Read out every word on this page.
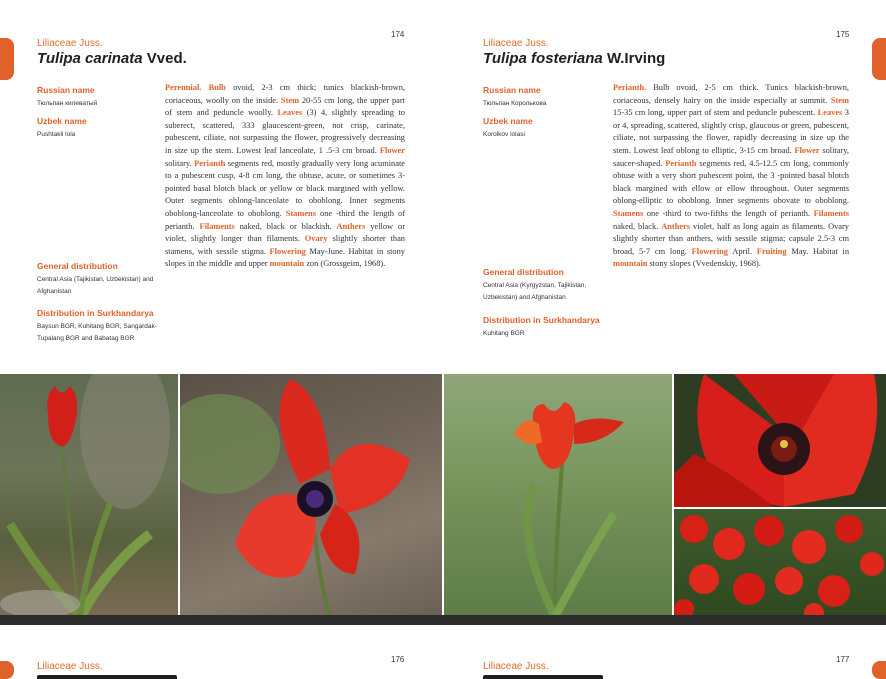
174
Liliaceae Juss.
Tulipa carinata Vved.
Russian name
Тюльпан килеватый
Uzbek name
Pushtakli lola
General distribution
Central Asia (Tajikistan, Uzbekistan) and Afghanistan
Distribution in Surkhandarya
Baysun BGR, Kuhitang BGR, Sangardak-Tupalang BGR and Babatag BGR
Perennial. Bulb ovoid, 2-3 cm thick; tunics blackish-brown, coriaceous, woolly on the inside. Stem 20-55 cm long, the upper part of stem and peduncle woolly. Leaves (3) 4, slightly spreading to suberect, scattered, 333 glaucescent-green, not crisp, carinate, pubescent, ciliate, not surpassing the flower, progressively decreasing in size up the stem. Lowest leaf lanceolate, 1 .5-3 cm broad. Flower solitary. Perianth segments red, mostly gradually very long acuminate to a pubescent cusp, 4-8 cm long, the obtuse, acute, or sometimes 3-pointed basal blotch black or yellow or black margined with yellow. Outer segments oblong-lanceolate to oboblong. Inner segments oboblong-lanceolate to oboblong. Stamens one -third the length of perianth. Filaments naked, black or blackish. Anthers yellow or violet, slightly longer than filaments. Ovary slightly shorter than stamens, with sessile stigma. Flowering May-June. Habitat in stony slopes in the middle and upper mountain zon (Grossgeim, 1968).
175
Liliaceae Juss.
Tulipa fosteriana W.Irving
Russian name
Тюльпан Королькова
Uzbek name
Korolkov lolasi
General distribution
Central Asia (Kyrgyzstan, Tajikistan, Uzbekistan) and Afghanistan
Distribution in Surkhandarya
Kuhitang BGR
Perianth. Bulb ovoid, 2-5 cm thick. Tunics blackish-brown, coriaceous, densely hairy on the inside especially at summit. Stem 15-35 cm long, upper part of stem and peduncle pubescent. Leaves 3 or 4, spreading, scattered, slightly crisp, glaucous or green, pubescent, ciliate, not surpassing the flower, rapidly decreasing in size up the stem. Lowest leaf oblong to elliptic, 3-15 cm broad. Flower solitary, saucer-shaped. Perianth segments red, 4.5-12.5 cm long, commonly obtuse with a very short pubescent point, the 3 -pointed basal blotch black margined with ellow or ellow throughout. Outer segments oblong-elliptic to oboblong. Inner segments obovate to oboblong. Stamens one -third to two-fifths the length of perianth. Filaments naked, black. Anthers violet, half as long again as filaments. Ovary slightly shorter than anthers, with sessile stigma; capsule 2.5-3 cm broad, 5-7 cm long. Flowering April. Fruiting May. Habitat in mountain stony slopes (Vvedenskiy, 1968).
Liliaceae Juss.
176
Liliaceae Juss.
177
